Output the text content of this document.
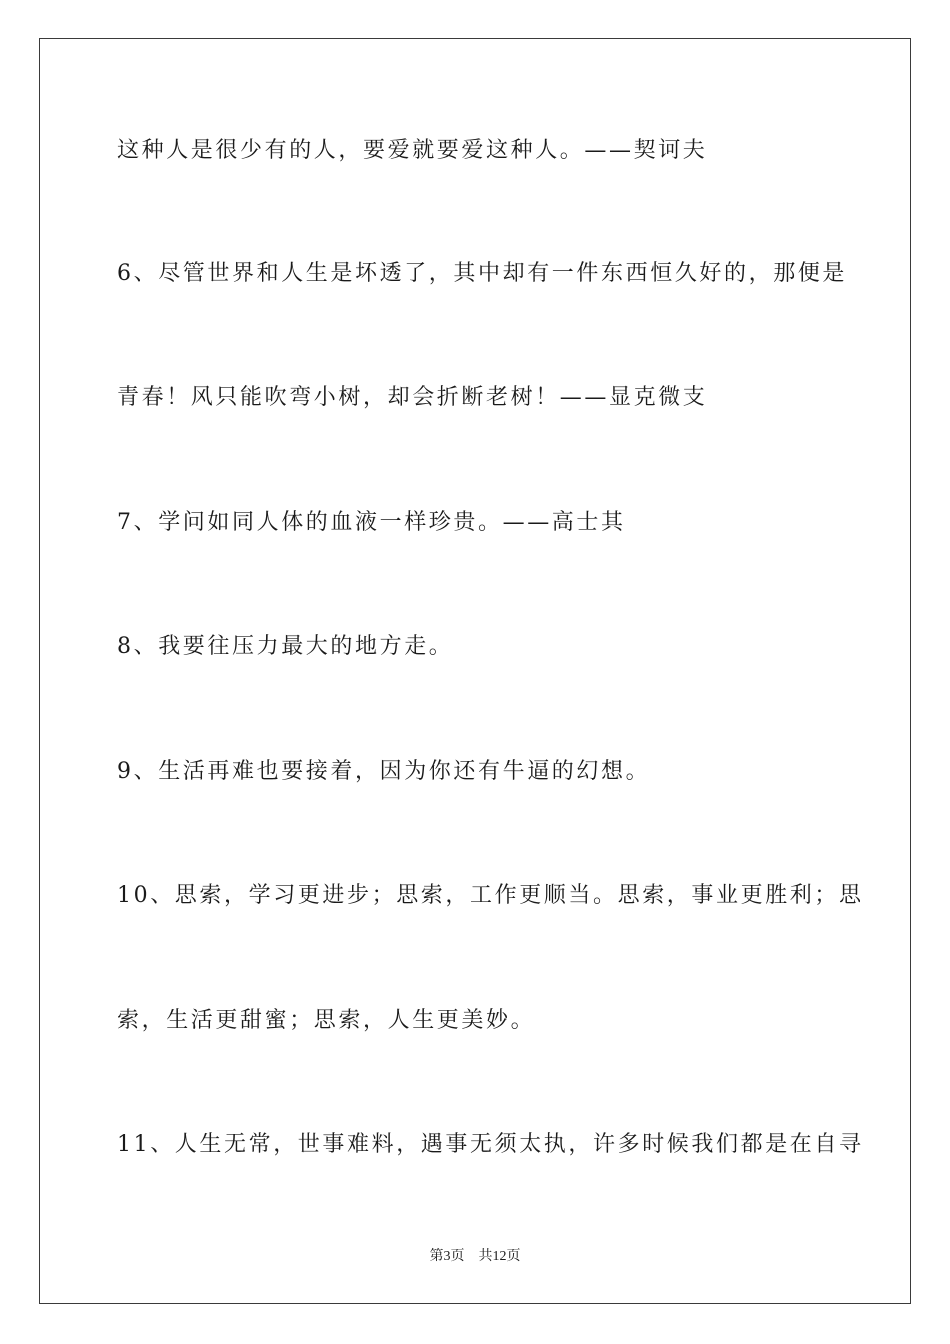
这种人是很少有的人，要爱就要爱这种人。——契诃夫
6、尽管世界和人生是坏透了，其中却有一件东西恒久好的，那便是
青春！风只能吹弯小树，却会折断老树！——显克微支
7、学问如同人体的血液一样珍贵。——高士其
8、我要往压力最大的地方走。
9、生活再难也要接着，因为你还有牛逼的幻想。
10、思索，学习更进步；思索，工作更顺当。思索，事业更胜利；思
索，生活更甜蜜；思索，人生更美妙。
11、人生无常，世事难料，遇事无须太执，许多时候我们都是在自寻
第3页 共12页
